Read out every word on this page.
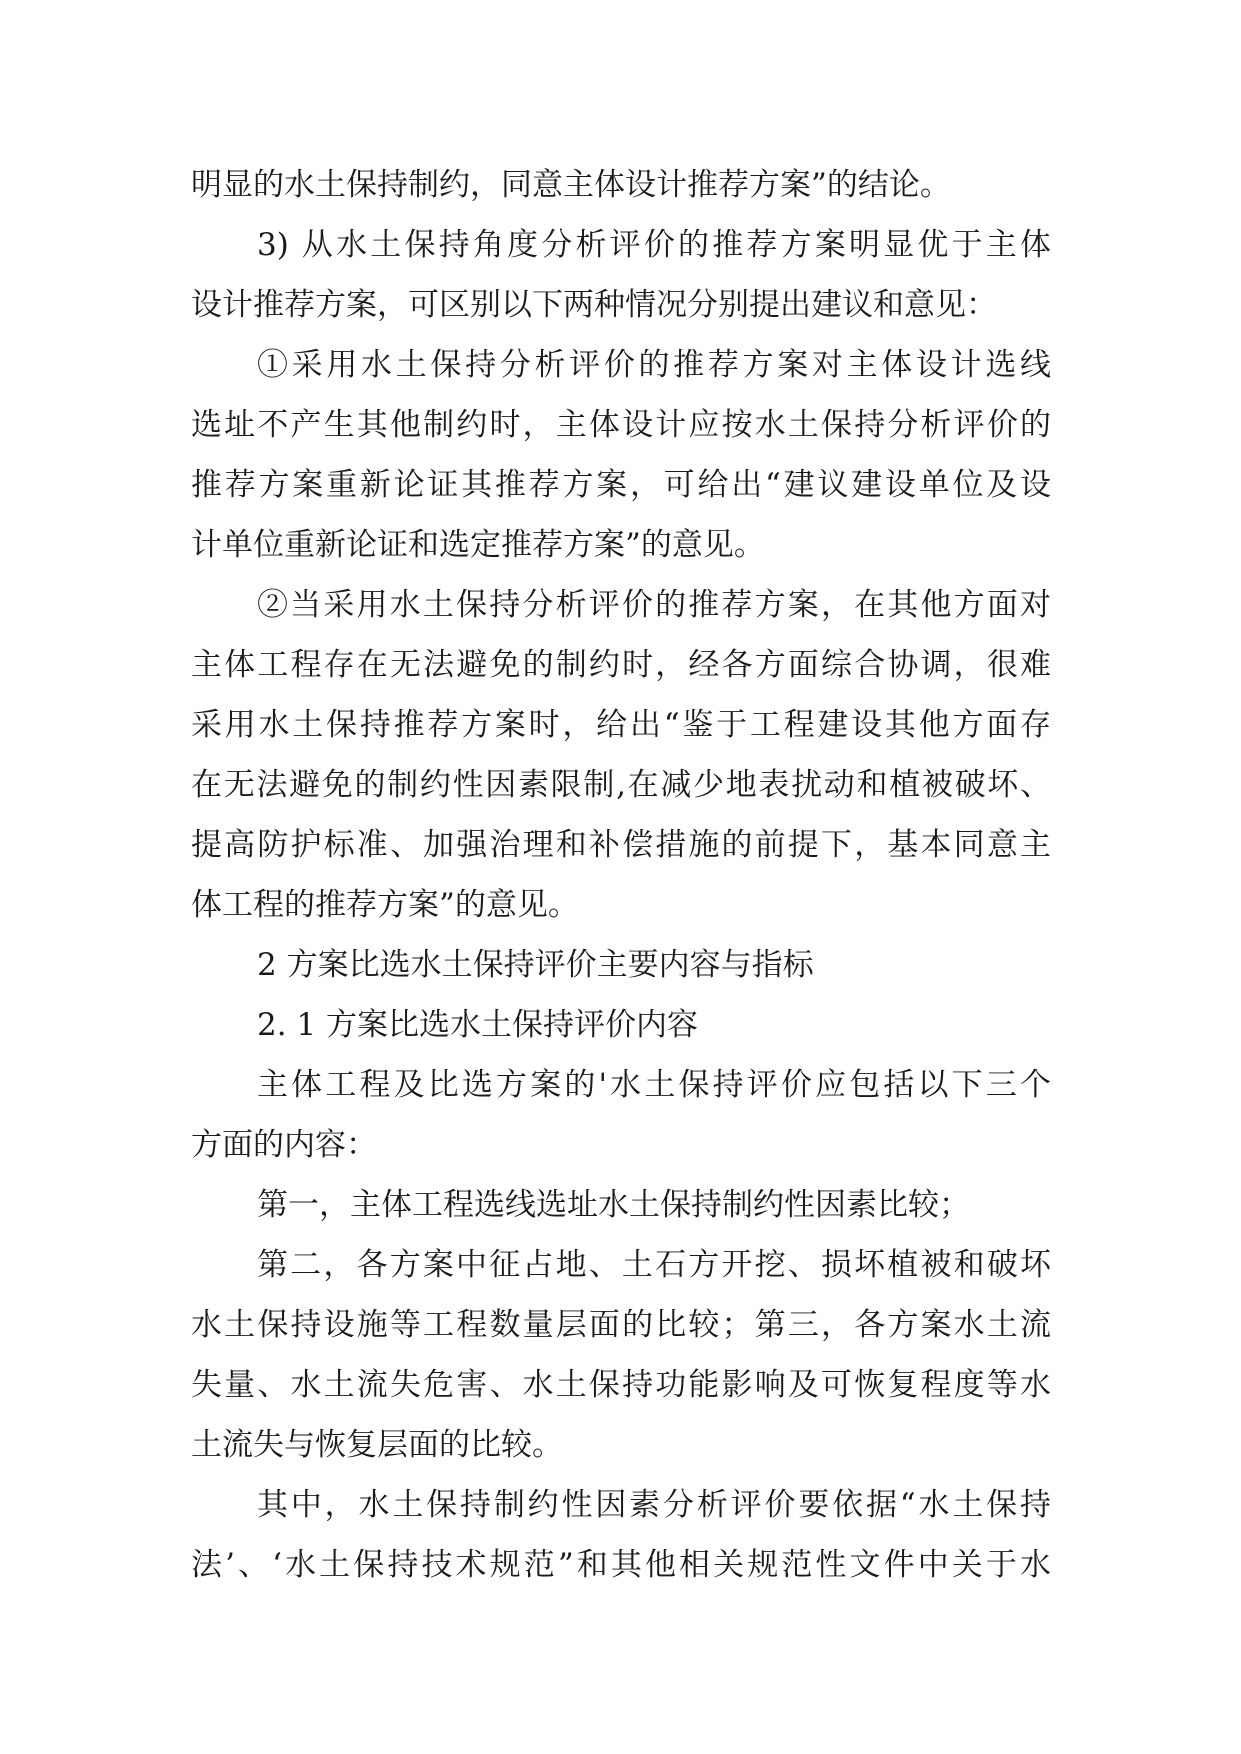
明显的水土保持制约，同意主体设计推荐方案”的结论。
3) 从水土保持角度分析评价的推荐方案明显优于主体
设计推荐方案，可区别以下两种情况分别提出建议和意见：
①采用水土保持分析评价的推荐方案对主体设计选线
选址不产生其他制约时，主体设计应按水土保持分析评价的
推荐方案重新论证其推荐方案，可给出“建议建设单位及设
计单位重新论证和选定推荐方案”的意见。
②当采用水土保持分析评价的推荐方案，在其他方面对
主体工程存在无法避免的制约时，经各方面综合协调，很难
采用水土保持推荐方案时，给出“鉴于工程建设其他方面存
在无法避免的制约性因素限制,在减少地表扰动和植被破坏、
提高防护标准、加强治理和补偿措施的前提下，基本同意主
体工程的推荐方案”的意见。
2 方案比选水土保持评价主要内容与指标
2. 1 方案比选水土保持评价内容
主体工程及比选方案的'水土保持评价应包括以下三个
方面的内容：
第一，主体工程选线选址水土保持制约性因素比较；
第二，各方案中征占地、土石方开挖、损坏植被和破坏
水土保持设施等工程数量层面的比较；第三，各方案水土流
失量、水土流失危害、水土保持功能影响及可恢复程度等水
土流失与恢复层面的比较。
其中，水土保持制约性因素分析评价要依据“水土保持
法’、‘水土保持技术规范”和其他相关规范性文件中关于水
